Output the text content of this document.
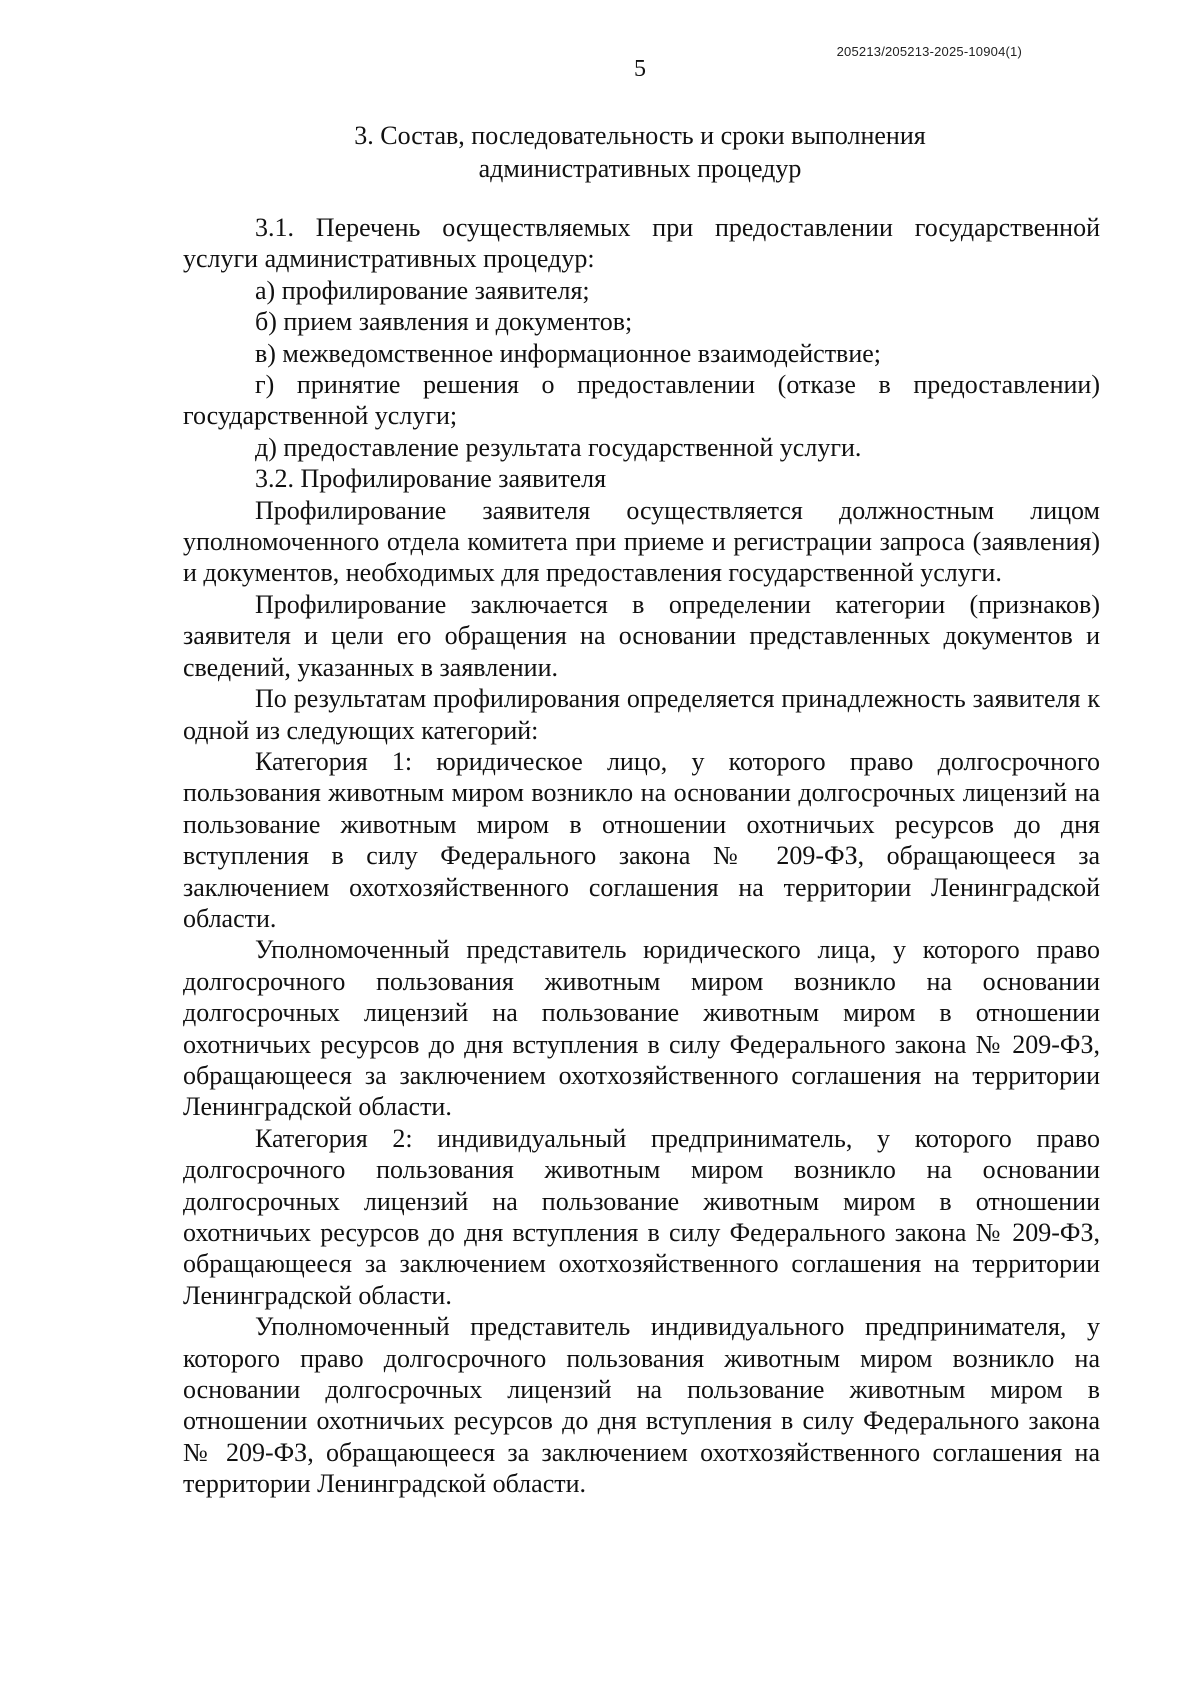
205213/205213-2025-10904(1)
5
3. Состав, последовательность и сроки выполнения
административных процедур

3.1. Перечень осуществляемых при предоставлении государственной услуги административных процедур:

а) профилирование заявителя;

б) прием заявления и документов;

в) межведомственное информационное взаимодействие;

г) принятие решения о предоставлении (отказе в предоставлении) государственной услуги;

д) предоставление результата государственной услуги.

3.2. Профилирование заявителя

Профилирование заявителя осуществляется должностным лицом уполномоченного отдела комитета при приеме и регистрации запроса (заявления) и документов, необходимых для предоставления государственной услуги.

Профилирование заключается в определении категории (признаков) заявителя и цели его обращения на основании представленных документов и сведений, указанных в заявлении.

По результатам профилирования определяется принадлежность заявителя к одной из следующих категорий:

Категория 1: юридическое лицо, у которого право долгосрочного пользования животным миром возникло на основании долгосрочных лицензий на пользование животным миром в отношении охотничьих ресурсов до дня вступления в силу Федерального закона № 209-ФЗ, обращающееся за заключением охотхозяйственного соглашения на территории Ленинградской области.

Уполномоченный представитель юридического лица, у которого право долгосрочного пользования животным миром возникло на основании долгосрочных лицензий на пользование животным миром в отношении охотничьих ресурсов до дня вступления в силу Федерального закона № 209-ФЗ, обращающееся за заключением охотхозяйственного соглашения на территории Ленинградской области.

Категория 2: индивидуальный предприниматель, у которого право долгосрочного пользования животным миром возникло на основании долгосрочных лицензий на пользование животным миром в отношении охотничьих ресурсов до дня вступления в силу Федерального закона № 209-ФЗ, обращающееся за заключением охотхозяйственного соглашения на территории Ленинградской области.

Уполномоченный представитель индивидуального предпринимателя, у которого право долгосрочного пользования животным миром возникло на основании долгосрочных лицензий на пользование животным миром в отношении охотничьих ресурсов до дня вступления в силу Федерального закона № 209-ФЗ, обращающееся за заключением охотхозяйственного соглашения на территории Ленинградской области.
